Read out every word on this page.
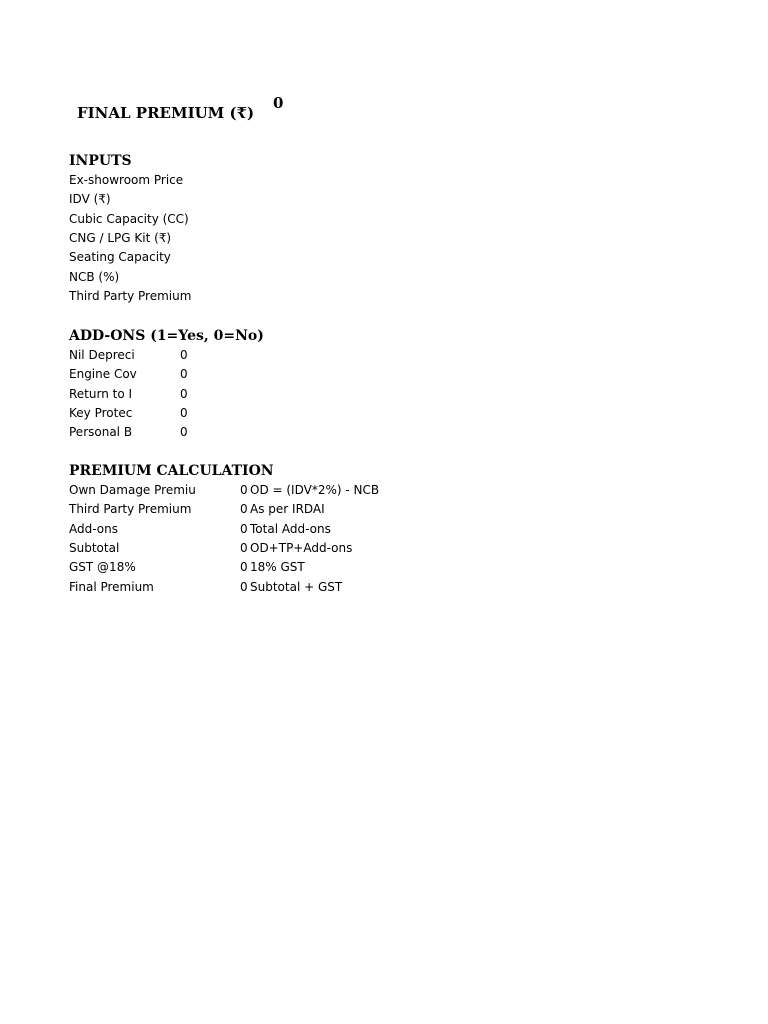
FINAL PREMIUM (₹)
0
INPUTS
Ex-showroom Price
IDV (₹)
Cubic Capacity (CC)
CNG / LPG Kit (₹)
Seating Capacity
NCB (%)
Third Party Premium
ADD-ONS (1=Yes, 0=No)
Nil Depreci	0
Engine Cov	0
Return to I	0
Key Protec	0
Personal B	0
PREMIUM CALCULATION
Own Damage Premiu	0 OD = (IDV*2%) - NCB
Third Party Premium	0 As per IRDAI
Add-ons	0 Total Add-ons
Subtotal	0 OD+TP+Add-ons
GST @18%	0 18% GST
Final Premium	0 Subtotal + GST
